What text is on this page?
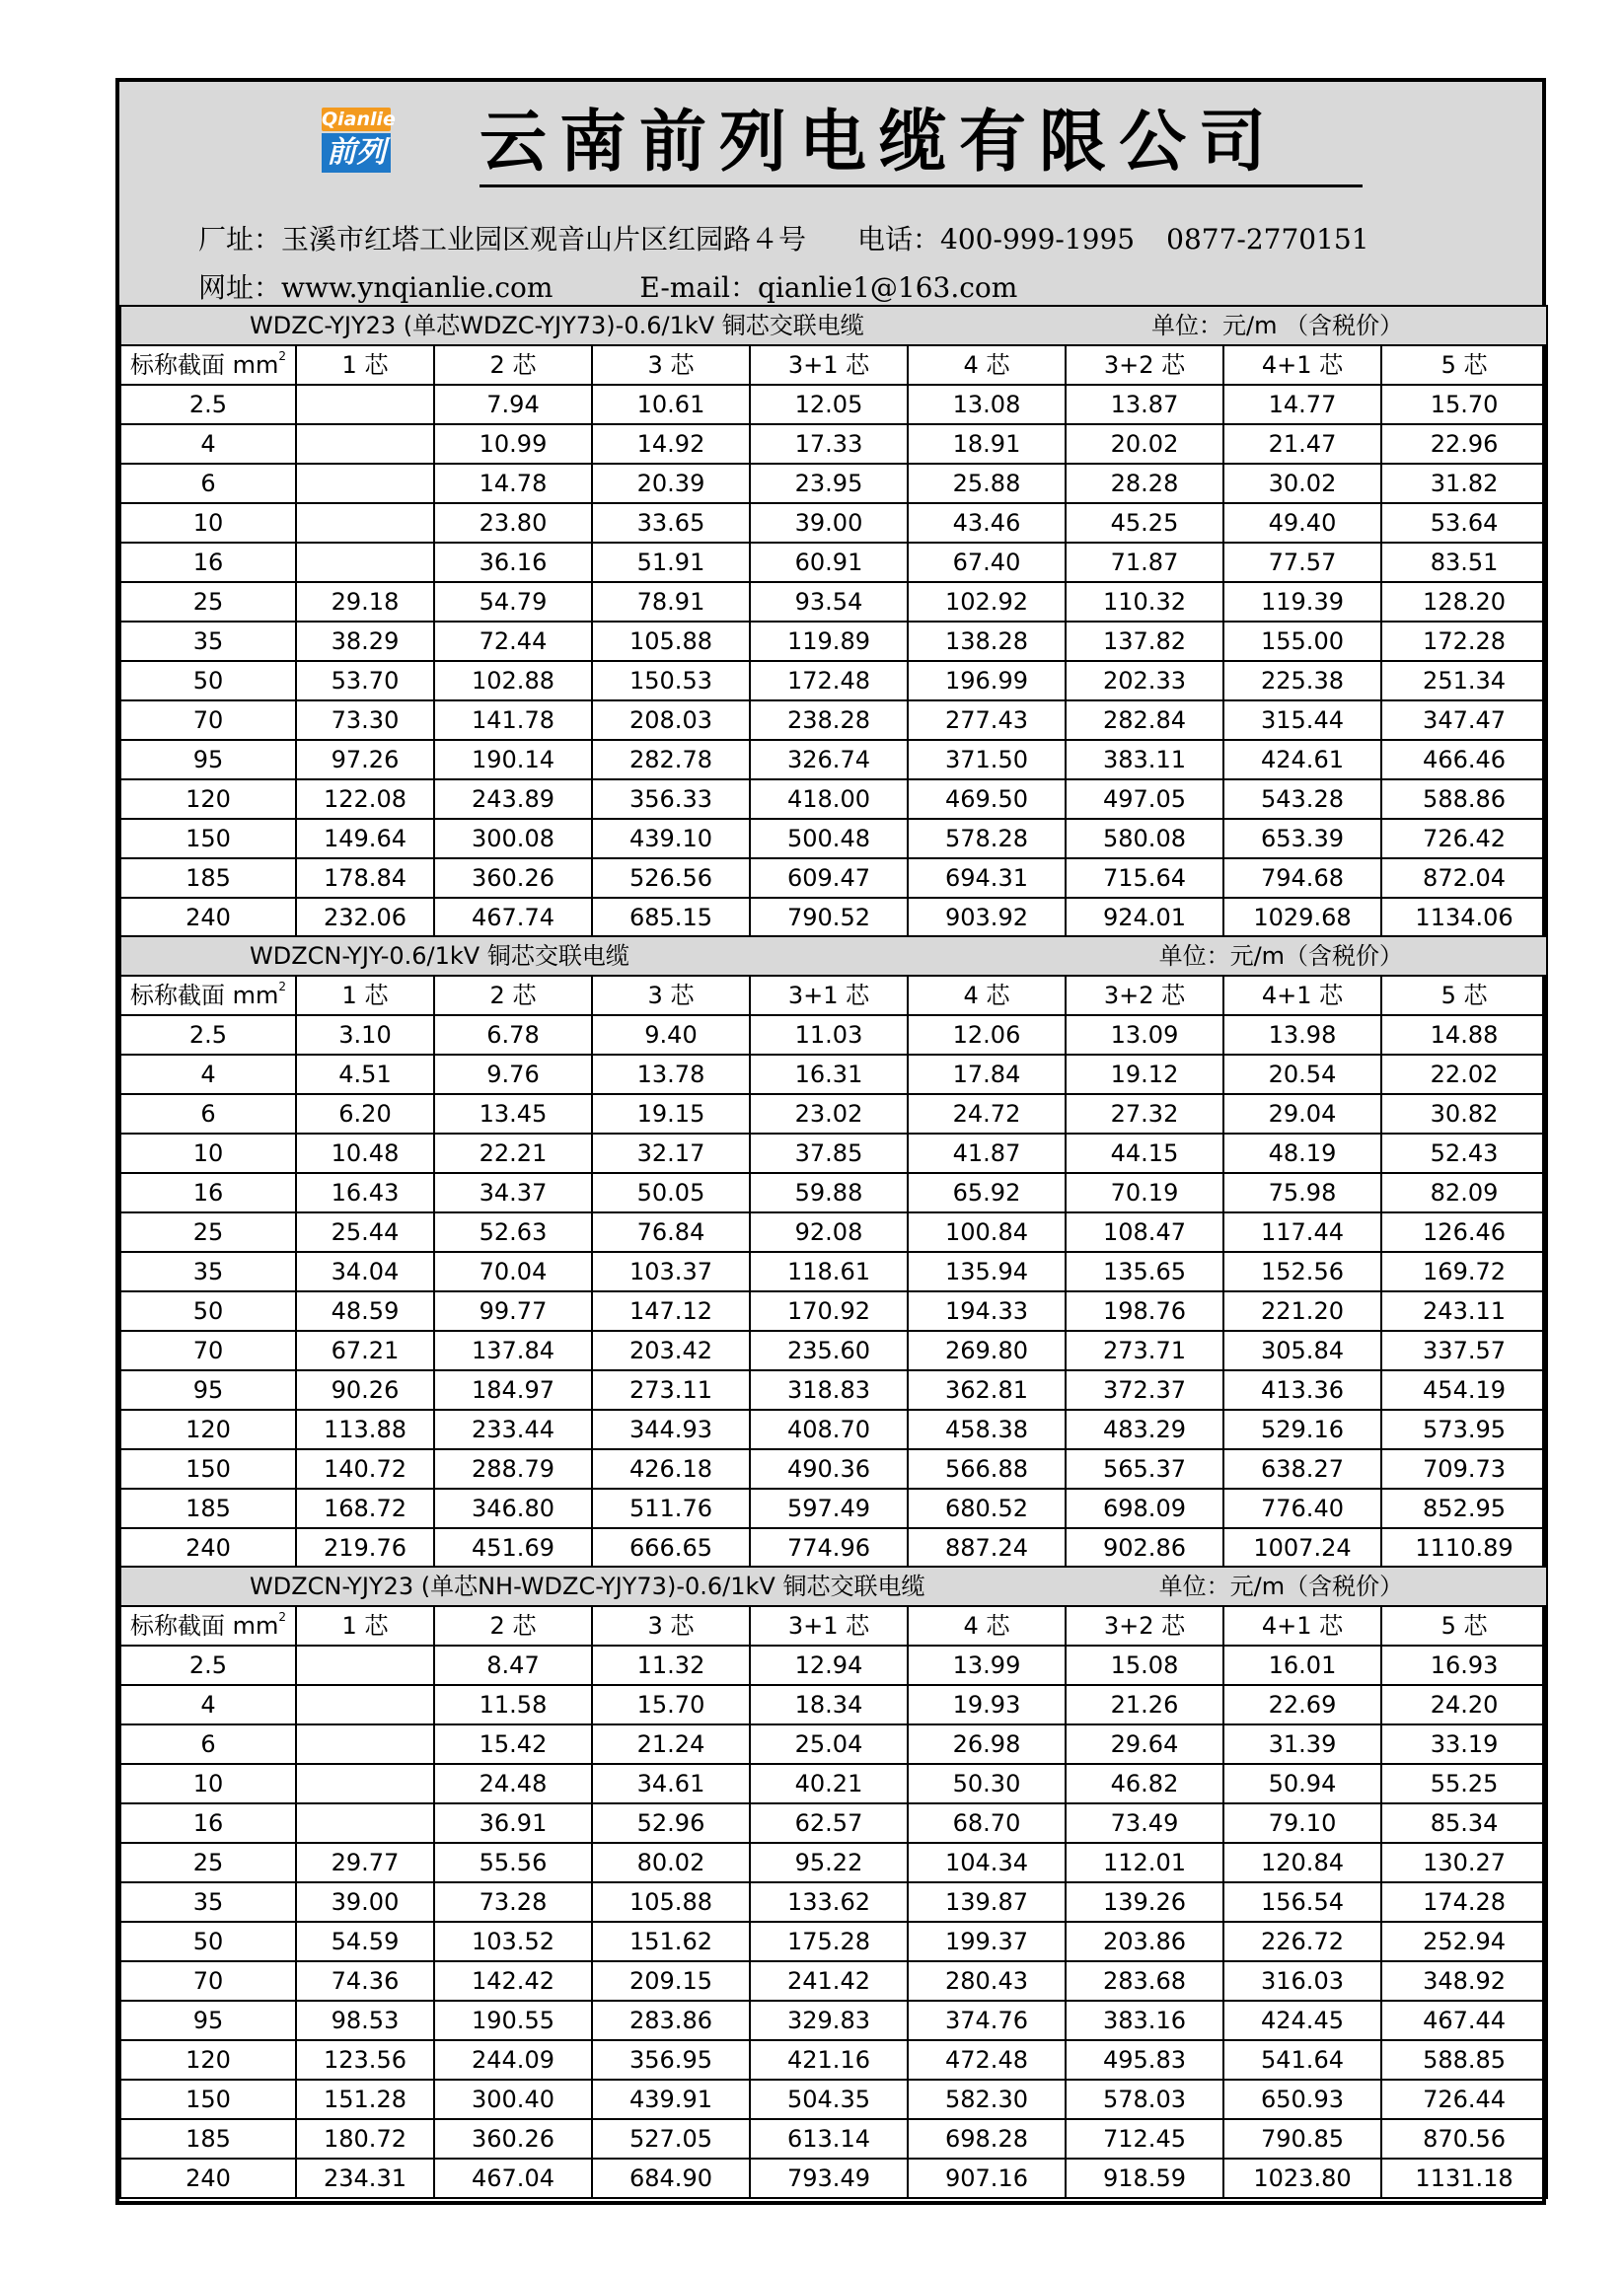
Qianlie
前列 云南前列电缆有限公司
厂址：玉溪市红塔工业园区观音山片区红园路４号 电话：400-999-1995 0877-2770151
网址：www.ynqianlie.com	E-mail：qianlie1@163.com
WDZC-YJY23 (单芯WDZC-YJY73)-0.6/1kV 铜芯交联电缆 单位：元/m （含税价）								

标称截面 $mm^2$	1 芯	2 芯	3 芯	3+1 芯	4 芯	3+2 芯	4+1 芯	5 芯
2.5		7.94	10.61	12.05	13.08	13.87	14.77	15.70
4		10.99	14.92	17.33	18.91	20.02	21.47	22.96
6		14.78	20.39	23.95	25.88	28.28	30.02	31.82
10		23.80	33.65	39.00	43.46	45.25	49.40	53.64
16		36.16	51.91	60.91	67.40	71.87	77.57	83.51
25	29.18	54.79	78.91	93.54	102.92	110.32	119.39	128.20
35	38.29	72.44	105.88	119.89	138.28	137.82	155.00	172.28
50	53.70	102.88	150.53	172.48	196.99	202.33	225.38	251.34
70	73.30	141.78	208.03	238.28	277.43	282.84	315.44	347.47
95	97.26	190.14	282.78	326.74	371.50	383.11	424.61	466.46
120	122.08	243.89	356.33	418.00	469.50	497.05	543.28	588.86
150	149.64	300.08	439.10	500.48	578.28	580.08	653.39	726.42
185	178.84	360.26	526.56	609.47	694.31	715.64	794.68	872.04
240	232.06	467.74	685.15	790.52	903.92	924.01	1029.68	1134.06
WDZCN-YJY-0.6/1kV 铜芯交联电缆 单位：元/m（含税价）								

标称截面 $mm^2$	1 芯	2 芯	3 芯	3+1 芯	4 芯	3+2 芯	4+1 芯	5 芯
2.5	3.10	6.78	9.40	11.03	12.06	13.09	13.98	14.88
4	4.51	9.76	13.78	16.31	17.84	19.12	20.54	22.02
6	6.20	13.45	19.15	23.02	24.72	27.32	29.04	30.82
10	10.48	22.21	32.17	37.85	41.87	44.15	48.19	52.43
16	16.43	34.37	50.05	59.88	65.92	70.19	75.98	82.09
25	25.44	52.63	76.84	92.08	100.84	108.47	117.44	126.46
35	34.04	70.04	103.37	118.61	135.94	135.65	152.56	169.72
50	48.59	99.77	147.12	170.92	194.33	198.76	221.20	243.11
70	67.21	137.84	203.42	235.60	269.80	273.71	305.84	337.57
95	90.26	184.97	273.11	318.83	362.81	372.37	413.36	454.19
120	113.88	233.44	344.93	408.70	458.38	483.29	529.16	573.95
150	140.72	288.79	426.18	490.36	566.88	565.37	638.27	709.73
185	168.72	346.80	511.76	597.49	680.52	698.09	776.40	852.95
240	219.76	451.69	666.65	774.96	887.24	902.86	1007.24	1110.89
WDZCN-YJY23 (单芯NH-WDZC-YJY73)-0.6/1kV 铜芯交联电缆 单位：元/m（含税价）								

标称截面 $mm^2$	1 芯	2 芯	3 芯	3+1 芯	4 芯	3+2 芯	4+1 芯	5 芯
2.5		8.47	11.32	12.94	13.99	15.08	16.01	16.93
4		11.58	15.70	18.34	19.93	21.26	22.69	24.20
6		15.42	21.24	25.04	26.98	29.64	31.39	33.19
10		24.48	34.61	40.21	50.30	46.82	50.94	55.25
16		36.91	52.96	62.57	68.70	73.49	79.10	85.34
25	29.77	55.56	80.02	95.22	104.34	112.01	120.84	130.27
35	39.00	73.28	105.88	133.62	139.87	139.26	156.54	174.28
50	54.59	103.52	151.62	175.28	199.37	203.86	226.72	252.94
70	74.36	142.42	209.15	241.42	280.43	283.68	316.03	348.92
95	98.53	190.55	283.86	329.83	374.76	383.16	424.45	467.44
120	123.56	244.09	356.95	421.16	472.48	495.83	541.64	588.85
150	151.28	300.40	439.91	504.35	582.30	578.03	650.93	726.44
185	180.72	360.26	527.05	613.14	698.28	712.45	790.85	870.56
240	234.31	467.04	684.90	793.49	907.16	918.59	1023.80	1131.18
